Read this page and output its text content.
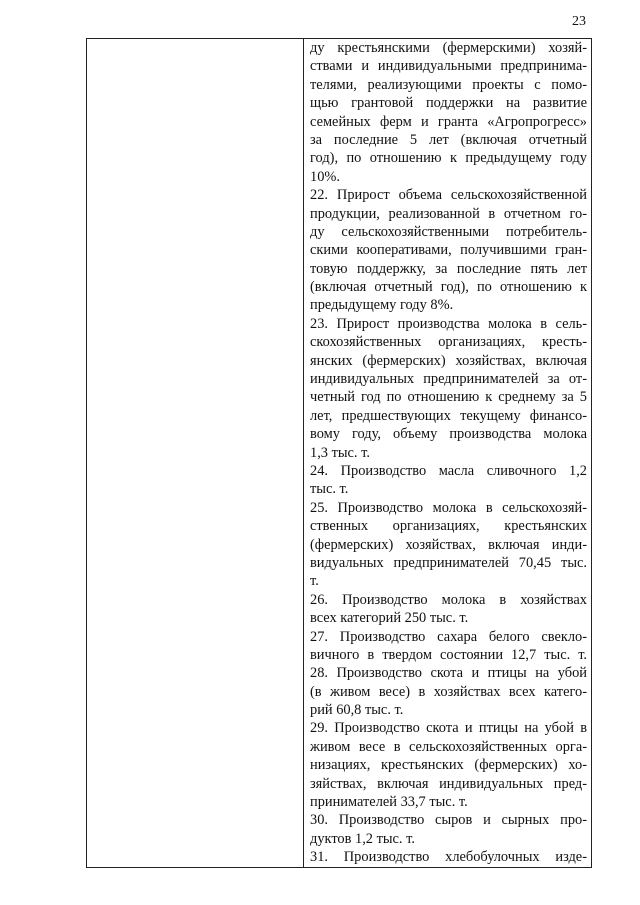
23

ду крестьянскими (фермерскими) хозяй-
ствами и индивидуальными предпринима-
телями, реализующими проекты с помо-
щью грантовой поддержки на развитие
семейных ферм и гранта «Агропрогресс»
за последние 5 лет (включая отчетный
год), по отношению к предыдущему году
10%.
22. Прирост объема сельскохозяйственной
продукции, реализованной в отчетном го-
ду сельскохозяйственными потребитель-
скими кооперативами, получившими гран-
товую поддержку, за последние пять лет
(включая отчетный год), по отношению к
предыдущему году 8%.
23. Прирост производства молока в сель-
скохозяйственных организациях, кресть-
янских (фермерских) хозяйствах, включая
индивидуальных предпринимателей за от-
четный год по отношению к среднему за 5
лет, предшествующих текущему финансо-
вому году, объему производства молока
1,3 тыс. т.
24. Производство масла сливочного 1,2
тыс. т.
25. Производство молока в сельскохозяй-
ственных организациях, крестьянских
(фермерских) хозяйствах, включая инди-
видуальных предпринимателей 70,45 тыс.
т.
26. Производство молока в хозяйствах
всех категорий 250 тыс. т.
27. Производство сахара белого свекло-
вичного в твердом состоянии 12,7 тыс. т.
28. Производство скота и птицы на убой
(в живом весе) в хозяйствах всех катего-
рий 60,8 тыс. т.
29. Производство скота и птицы на убой в
живом весе в сельскохозяйственных орга-
низациях, крестьянских (фермерских) хо-
зяйствах, включая индивидуальных пред-
принимателей 33,7 тыс. т.
30. Производство сыров и сырных про-
дуктов 1,2 тыс. т.
31. Производство хлебобулочных изде-
